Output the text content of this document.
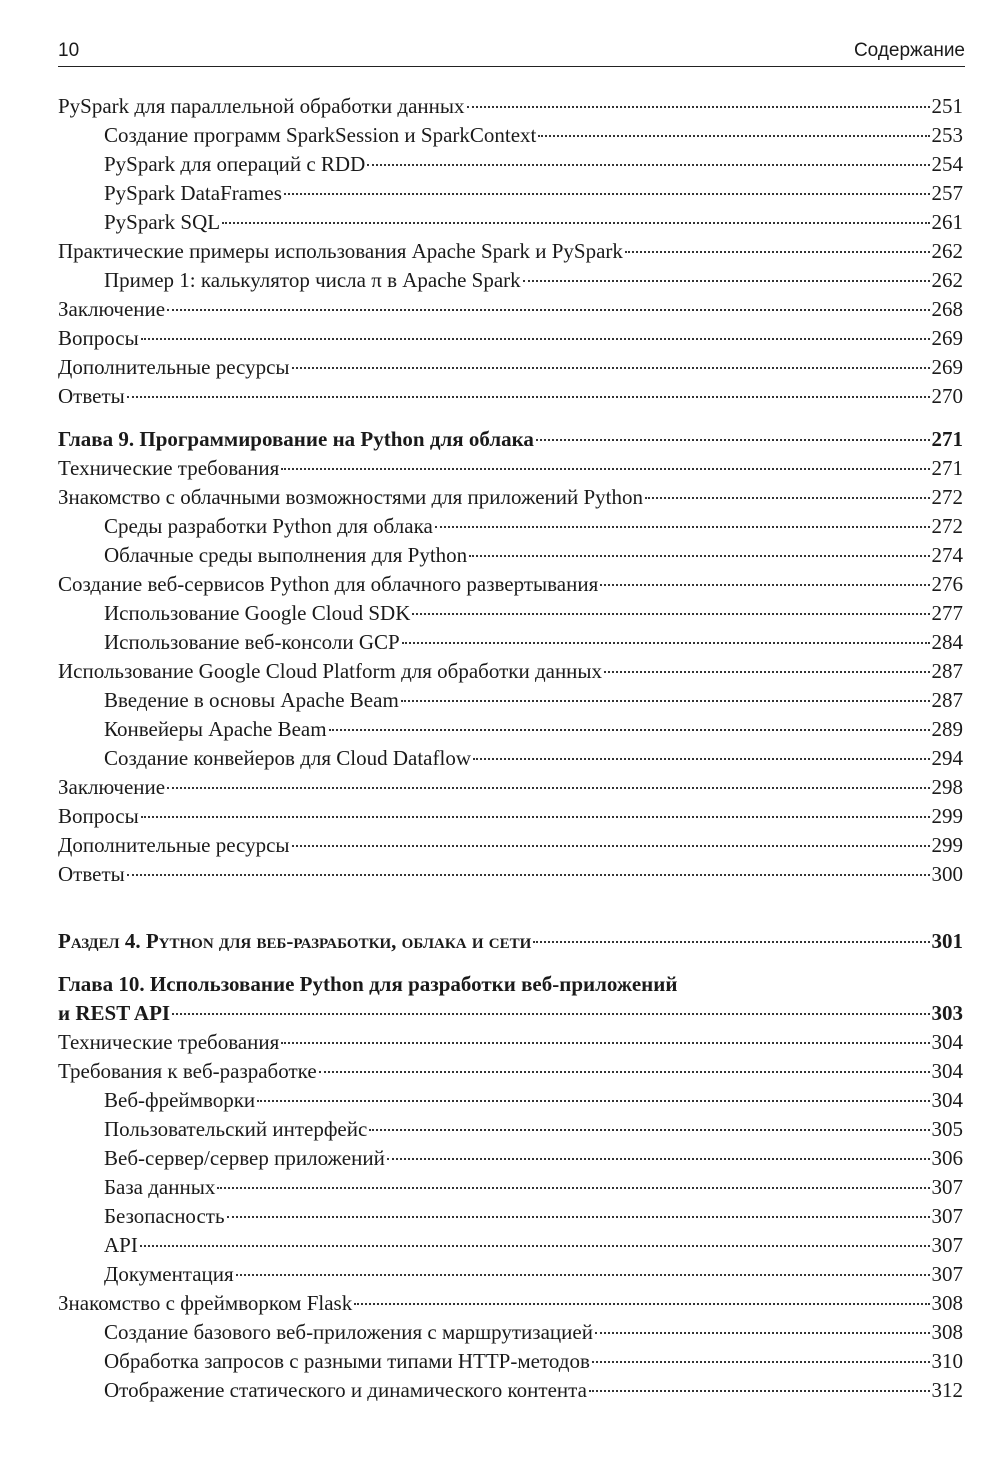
10	Содержание
PySpark для параллельной обработки данных	251
Создание программ SparkSession и SparkContext	253
PySpark для операций с RDD	254
PySpark DataFrames	257
PySpark SQL	261
Практические примеры использования Apache Spark и PySpark	262
Пример 1: калькулятор числа π в Apache Spark	262
Заключение	268
Вопросы	269
Дополнительные ресурсы	269
Ответы	270
Глава 9. Программирование на Python для облака	271
Технические требования	271
Знакомство с облачными возможностями для приложений Python	272
Среды разработки Python для облака	272
Облачные среды выполнения для Python	274
Создание веб-сервисов Python для облачного развертывания	276
Использование Google Cloud SDK	277
Использование веб-консоли GCP	284
Использование Google Cloud Platform для обработки данных	287
Введение в основы Apache Beam	287
Конвейеры Apache Beam	289
Создание конвейеров для Cloud Dataflow	294
Заключение	298
Вопросы	299
Дополнительные ресурсы	299
Ответы	300
Раздел 4. Python для веб-разработки, облака и сети	301
Глава 10. Использование Python для разработки веб-приложений
и REST API	303
Технические требования	304
Требования к веб-разработке	304
Веб-фреймворки	304
Пользовательский интерфейс	305
Веб-сервер/сервер приложений	306
База данных	307
Безопасность	307
API	307
Документация	307
Знакомство с фреймворком Flask	308
Создание базового веб-приложения с маршрутизацией	308
Обработка запросов с разными типами HTTP-методов	310
Отображение статического и динамического контента	312
